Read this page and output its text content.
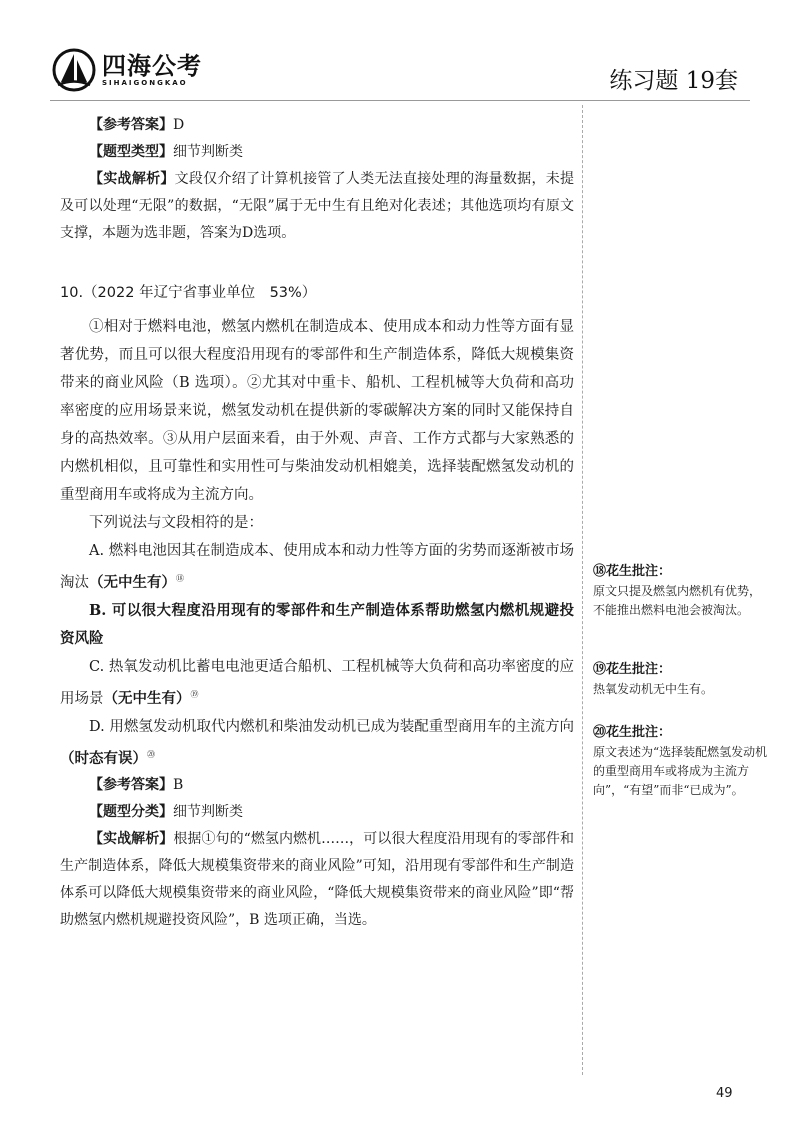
四海公考
SIHAIGONGKAO	练习题 19套

【参考答案】D

【题型类型】细节判断类

【实战解析】文段仅介绍了计算机接管了人类无法直接处理的海量数据，未提及可以处理“无限”的数据，“无限”属于无中生有且绝对化表述；其他选项均有原文支撑，本题为选非题，答案为D选项。

10.（2022 年辽宁省事业单位　53%）

①相对于燃料电池，燃氢内燃机在制造成本、使用成本和动力性等方面有显著优势，而且可以很大程度沿用现有的零部件和生产制造体系，降低大规模集资带来的商业风险（B 选项）。②尤其对中重卡、船机、工程机械等大负荷和高功率密度的应用场景来说，燃氢发动机在提供新的零碳解决方案的同时又能保持自身的高热效率。③从用户层面来看，由于外观、声音、工作方式都与大家熟悉的内燃机相似，且可靠性和实用性可与柴油发动机相媲美，选择装配燃氢发动机的重型商用车或将成为主流方向。

下列说法与文段相符的是：

A. 燃料电池因其在制造成本、使用成本和动力性等方面的劣势而逐渐被市场淘汰（无中生有）⑱

B. 可以很大程度沿用现有的零部件和生产制造体系帮助燃氢内燃机规避投资风险

C. 热氧发动机比蓄电电池更适合船机、工程机械等大负荷和高功率密度的应用场景（无中生有）⑲

D. 用燃氢发动机取代内燃机和柴油发动机已成为装配重型商用车的主流方向（时态有误）⑳

【参考答案】B

【题型分类】细节判断类

【实战解析】根据①句的“燃氢内燃机……，可以很大程度沿用现有的零部件和生产制造体系，降低大规模集资带来的商业风险”可知，沿用现有零部件和生产制造体系可以降低大规模集资带来的商业风险，“降低大规模集资带来的商业风险”即“帮助燃氢内燃机规避投资风险”，B 选项正确，当选。

⑱花生批注：
原文只提及燃氢内燃机有优势，不能推出燃料电池会被淘汰。
⑲花生批注：
热氧发动机无中生有。
⑳花生批注：
原文表述为“选择装配燃氢发动机的重型商用车或将成为主流方向”，“有望”而非“已成为”。
49
